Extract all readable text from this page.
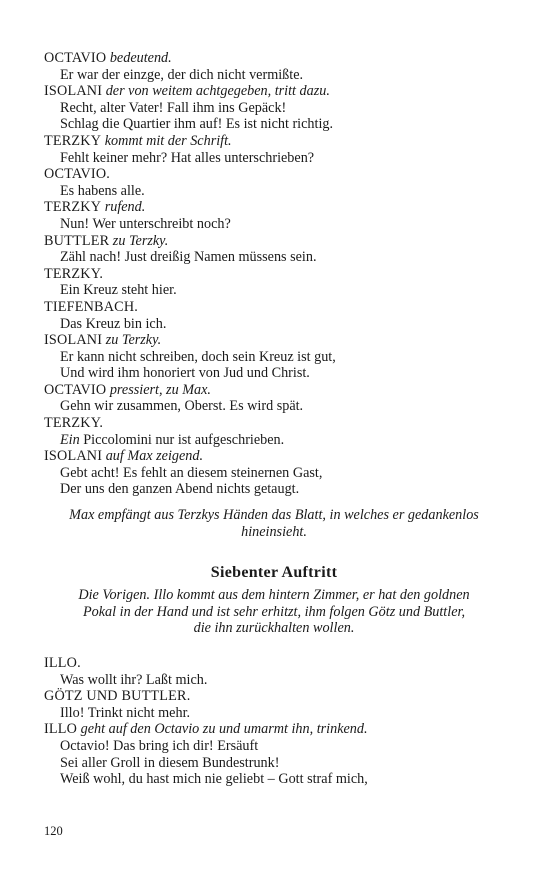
OCTAVIO bedeutend.
Er war der einzge, der dich nicht vermißte.
ISOLANI der von weitem achtgegeben, tritt dazu.
Recht, alter Vater! Fall ihm ins Gepäck!
Schlag die Quartier ihm auf! Es ist nicht richtig.
TERZKY kommt mit der Schrift.
Fehlt keiner mehr? Hat alles unterschrieben?
OCTAVIO.
Es habens alle.
TERZKY rufend.
Nun! Wer unterschreibt noch?
BUTTLER zu Terzky.
Zähl nach! Just dreißig Namen müssens sein.
TERZKY.
Ein Kreuz steht hier.
TIEFENBACH.
Das Kreuz bin ich.
ISOLANI zu Terzky.
Er kann nicht schreiben, doch sein Kreuz ist gut,
Und wird ihm honoriert von Jud und Christ.
OCTAVIO pressiert, zu Max.
Gehn wir zusammen, Oberst. Es wird spät.
TERZKY.
Ein Piccolomini nur ist aufgeschrieben.
ISOLANI auf Max zeigend.
Gebt acht! Es fehlt an diesem steinernen Gast,
Der uns den ganzen Abend nichts getaugt.
Max empfängt aus Terzkys Händen das Blatt, in welches er gedankenlos
hineinsieht.
Siebenter Auftritt
Die Vorigen. Illo kommt aus dem hintern Zimmer, er hat den goldnen
Pokal in der Hand und ist sehr erhitzt, ihm folgen Götz und Buttler,
die ihn zurückhalten wollen.
ILLO.
Was wollt ihr? Laßt mich.
GÖTZ UND BUTTLER.
Illo! Trinkt nicht mehr.
ILLO geht auf den Octavio zu und umarmt ihn, trinkend.
Octavio! Das bring ich dir! Ersäuft
Sei aller Groll in diesem Bundestrunk!
Weiß wohl, du hast mich nie geliebt – Gott straf mich,
120
